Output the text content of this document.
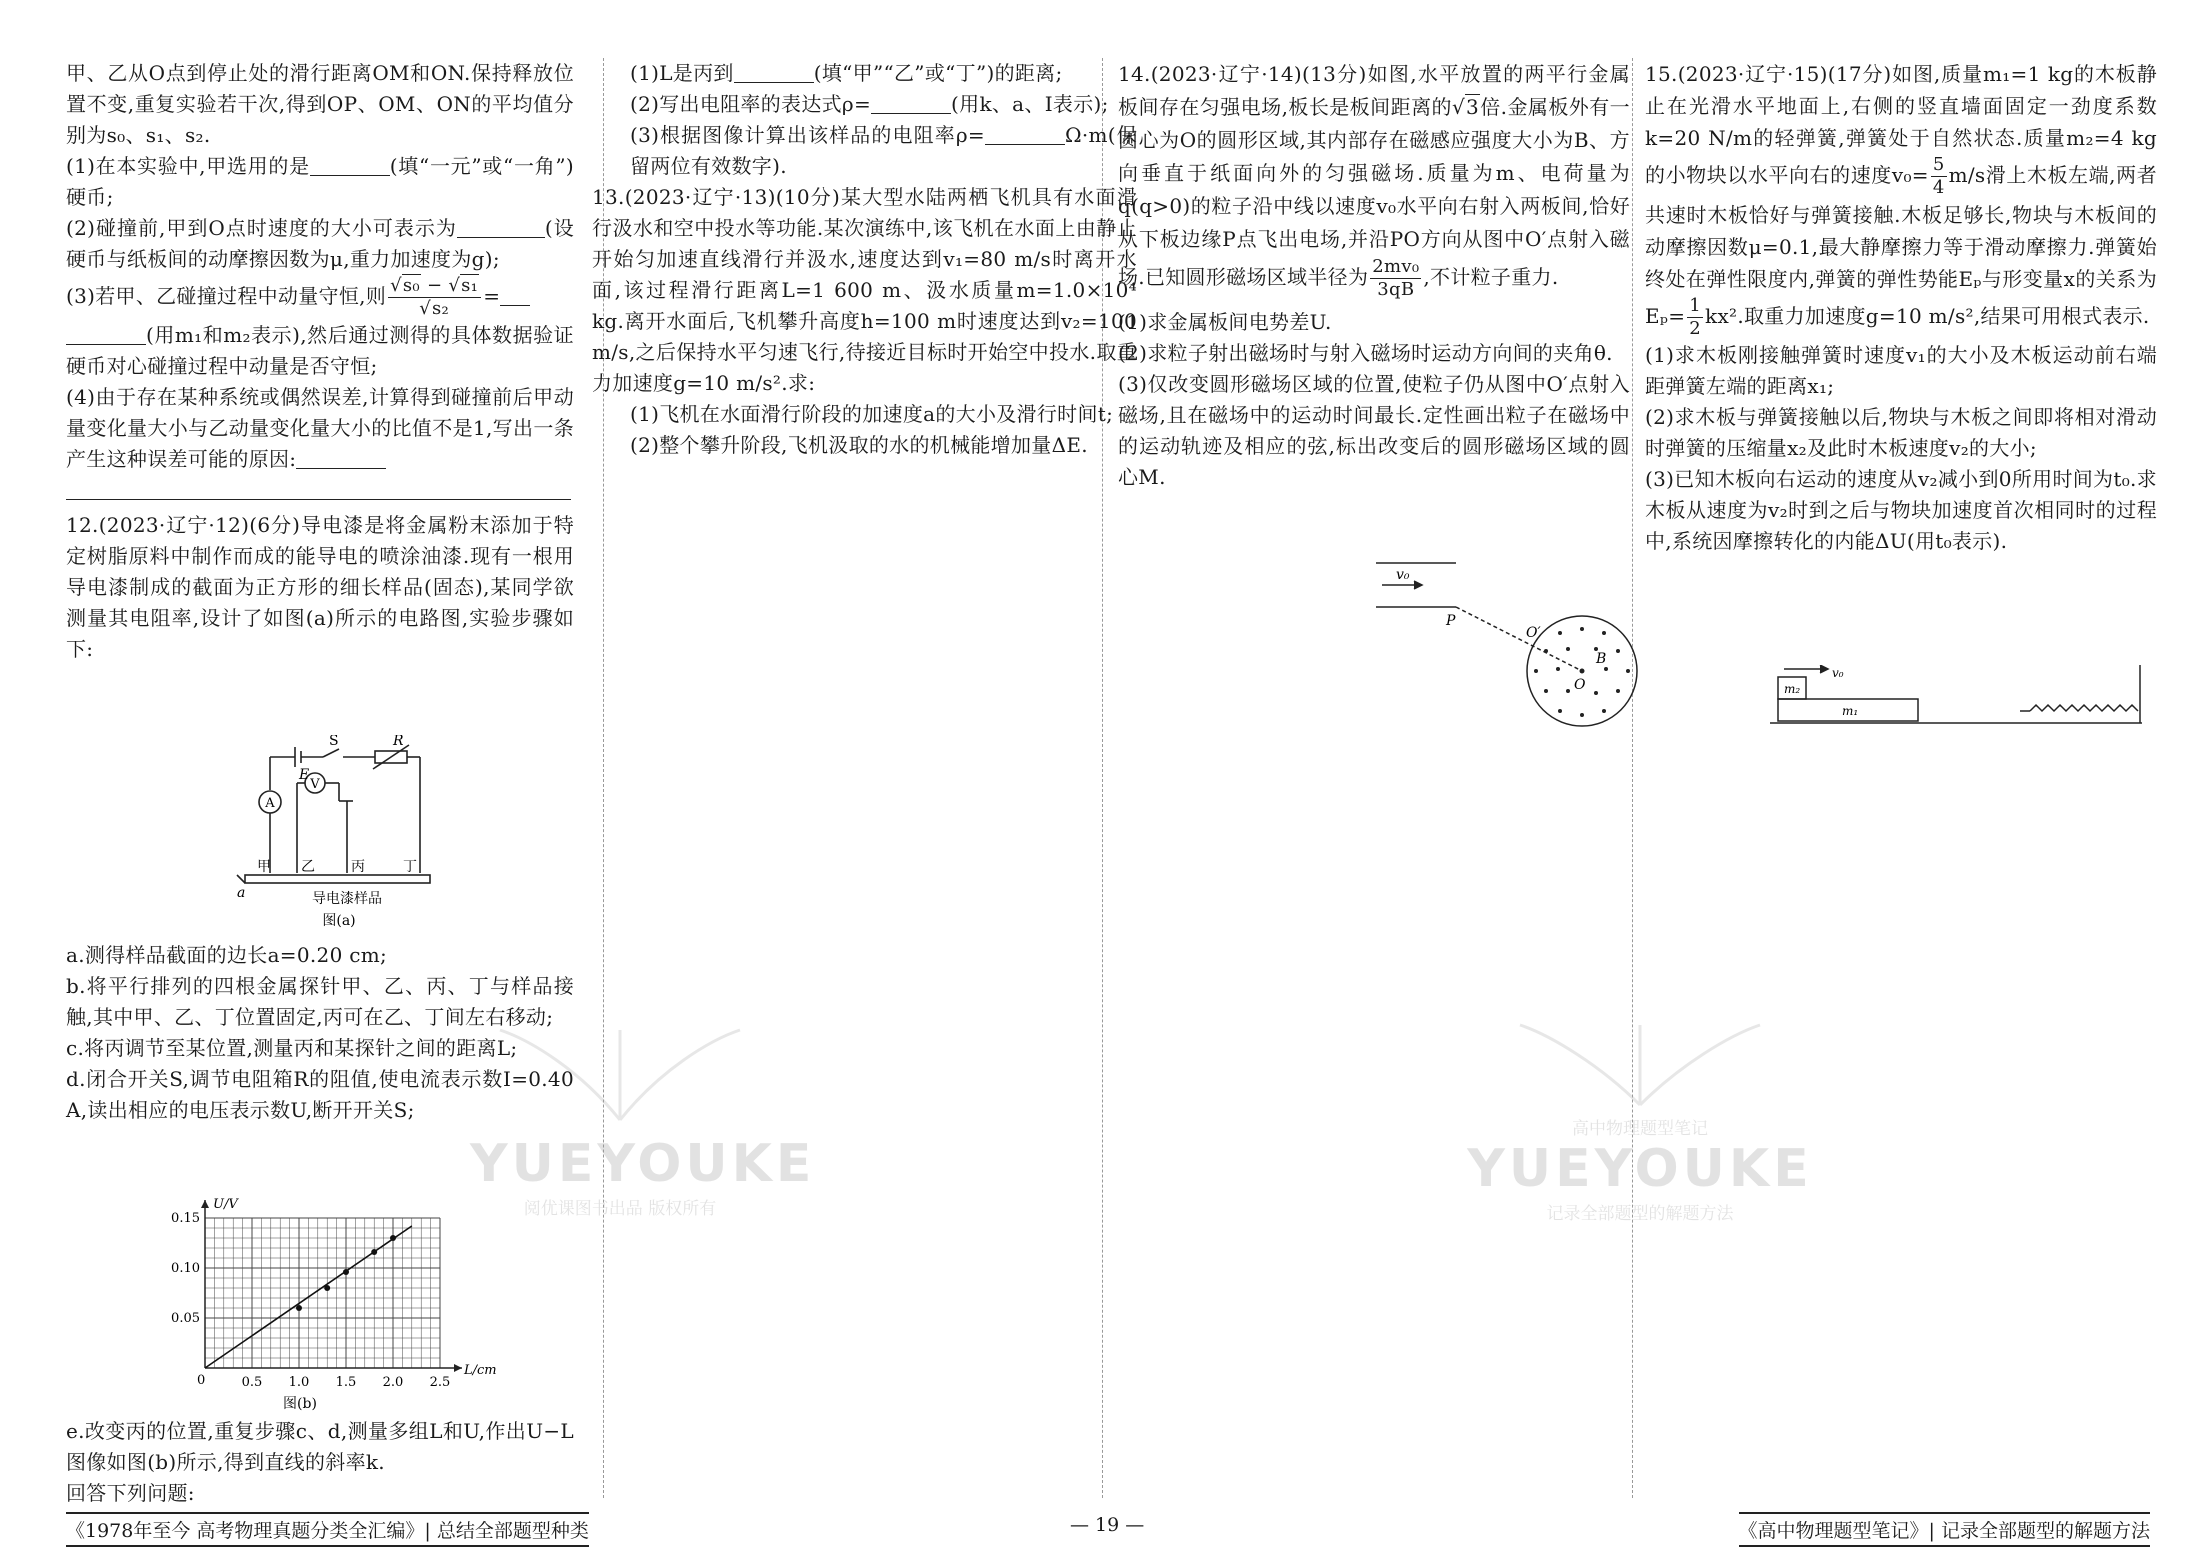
YUEYOUKE
阅优课图书出品 版权所有
高中物理题型笔记
YUEYOUKE
记录全部题型的解题方法

甲、乙从O点到停止处的滑行距离OM和ON.保持释放位置不变,重复实验若干次,得到OP、OM、ON的平均值分别为s₀、s₁、s₂.

(1)在本实验中,甲选用的是	(填“一元”或“一角”)硬币;

(2)碰撞前,甲到O点时速度的大小可表示为	(设硬币与纸板间的动摩擦因数为μ,重力加速度为g);

(3)若甲、乙碰撞过程中动量守恒,则 $\frac{\text{√s₀ − √s₁}}{\text{√s₂}}$ =

(用m₁和m₂表示),然后通过测得的具体数据验证硬币对心碰撞过程中动量是否守恒;

(4)由于存在某种系统或偶然误差,计算得到碰撞前后甲动量变化量大小与乙动量变化量大小的比值不是1,写出一条产生这种误差可能的原因:

12.(2023·辽宁·12)(6分)导电漆是将金属粉末添加于特定树脂原料中制作而成的能导电的喷涂油漆.现有一根用导电漆制成的截面为正方形的细长样品(固态),某同学欲测量其电阻率,设计了如图(a)所示的电路图,实验步骤如下:

A
V
S
E
R
甲 乙	丙	丁
a	导电漆样品
图(a)

a.测得样品截面的边长a=0.20 cm;

b.将平行排列的四根金属探针甲、乙、丙、丁与样品接触,其中甲、乙、丁位置固定,丙可在乙、丁间左右移动;

c.将丙调节至某位置,测量丙和某探针之间的距离L;

d.闭合开关S,调节电阻箱R的阻值,使电流表示数I=0.40 A,读出相应的电压表示数U,断开开关S;

0.5 1.0 1.5 2.0 2.5
0.05
0.10
0.15
0
L/cm
U/V
图(b)

e.改变丙的位置,重复步骤c、d,测量多组L和U,作出U−L图像如图(b)所示,得到直线的斜率k.

回答下列问题:

(1)L是丙到	(填“甲”“乙”或“丁”)的距离;

(2)写出电阻率的表达式ρ=	(用k、a、I表示);

(3)根据图像计算出该样品的电阻率ρ=	Ω·m(保留两位有效数字).

13.(2023·辽宁·13)(10分)某大型水陆两栖飞机具有水面滑行汲水和空中投水等功能.某次演练中,该飞机在水面上由静止开始匀加速直线滑行并汲水,速度达到v₁=80 m/s时离开水面,该过程滑行距离L=1 600 m、汲水质量m=1.0×10⁴ kg.离开水面后,飞机攀升高度h=100 m时速度达到v₂=100 m/s,之后保持水平匀速飞行,待接近目标时开始空中投水.取重力加速度g=10 m/s².求:

(1)飞机在水面滑行阶段的加速度a的大小及滑行时间t;

(2)整个攀升阶段,飞机汲取的水的机械能增加量ΔE.

14.(2023·辽宁·14)(13分)如图,水平放置的两平行金属板间存在匀强电场,板长是板间距离的√3倍.金属板外有一圆心为O的圆形区域,其内部存在磁感应强度大小为B、方向垂直于纸面向外的匀强磁场.质量为m、电荷量为q(q>0)的粒子沿中线以速度v₀水平向右射入两板间,恰好从下板边缘P点飞出电场,并沿PO方向从图中O′点射入磁场.已知圆形磁场区域半径为 $\frac{\text{2mv₀}}{3qB}$ ,不计粒子重力.

(1)求金属板间电势差U.

(2)求粒子射出磁场时与射入磁场时运动方向间的夹角θ.

(3)仅改变圆形磁场区域的位置,使粒子仍从图中O′点射入磁场,且在磁场中的运动时间最长.定性画出粒子在磁场中的运动轨迹及相应的弦,标出改变后的圆形磁场区域的圆心M.

v₀
P
O′
B
O

15.(2023·辽宁·15)(17分)如图,质量m₁=1 kg的木板静止在光滑水平地面上,右侧的竖直墙面固定一劲度系数k=20 N/m的轻弹簧,弹簧处于自然状态.质量m₂=4 kg的小物块以水平向右的速度$v_0= \frac{5}{4} m/s$滑上木板左端,两者共速时木板恰好与弹簧接触.木板足够长,物块与木板间的动摩擦因数μ=0.1,最大静摩擦力等于滑动摩擦力.弹簧始终处在弹性限度内,弹簧的弹性势能Eₚ与形变量x的关系为$E_p= \frac{1}{2} kx^2$.取重力加速度g=10 m/s²,结果可用根式表示.

(1)求木板刚接触弹簧时速度v₁的大小及木板运动前右端距弹簧左端的距离x₁;

(2)求木板与弹簧接触以后,物块与木板之间即将相对滑动时弹簧的压缩量x₂及此时木板速度v₂的大小;

(3)已知木板向右运动的速度从v₂减小到0所用时间为t₀.求木板从速度为v₂时到之后与物块加速度首次相同时的过程中,系统因摩擦转化的内能ΔU(用t₀表示).

m₂
m₁
v₀
《1978年至今 高考物理真题分类全汇编》| 总结全部题型种类	— 19 —	《高中物理题型笔记》| 记录全部题型的解题方法
